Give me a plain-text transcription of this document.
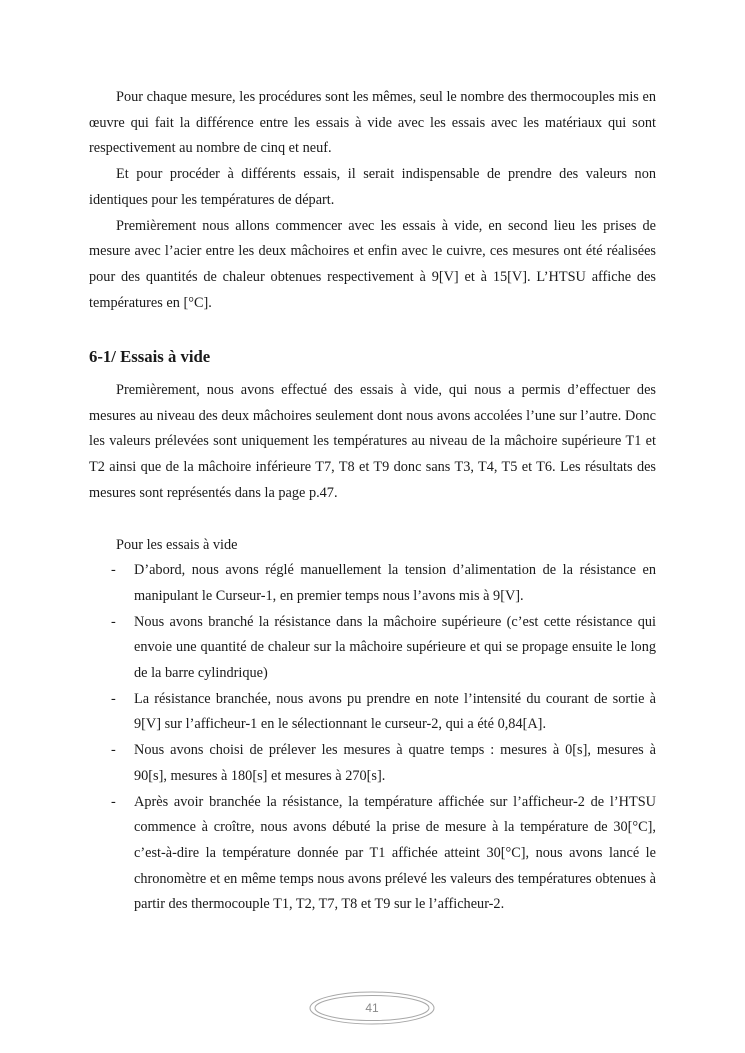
Pour chaque mesure, les procédures sont les mêmes, seul le nombre des thermocouples mis en œuvre qui fait la différence entre les essais à vide avec les essais avec les matériaux qui sont respectivement au nombre de cinq et neuf.

Et pour procéder à différents essais, il serait indispensable de prendre des valeurs non identiques pour les températures de départ.

Premièrement nous allons commencer avec les essais à vide, en second lieu les prises de mesure avec l’acier entre les deux mâchoires et enfin avec le cuivre, ces mesures ont été réalisées pour des quantités de chaleur obtenues respectivement à 9[V] et à 15[V]. L’HTSU affiche des températures en [°C].

6-1/ Essais à vide

Premièrement, nous avons effectué des essais à vide, qui nous a permis d’effectuer des mesures au niveau des deux mâchoires seulement dont nous avons accolées l’une sur l’autre. Donc les valeurs prélevées sont uniquement les températures au niveau de la mâchoire supérieure T1 et T2 ainsi que de la mâchoire inférieure T7, T8 et T9 donc sans T3, T4, T5 et T6. Les résultats des mesures sont représentés dans la page p.47.

Pour les essais à vide

- D’abord, nous avons réglé manuellement la tension d’alimentation de la résistance en manipulant le Curseur-1, en premier temps nous l’avons mis à 9[V].
- Nous avons branché la résistance dans la mâchoire supérieure (c’est cette résistance qui envoie une quantité de chaleur sur la mâchoire supérieure et qui se propage ensuite le long de la barre cylindrique)
- La résistance branchée, nous avons pu prendre en note l’intensité du courant de sortie à 9[V] sur l’afficheur-1 en le sélectionnant le curseur-2, qui a été 0,84[A].
- Nous avons choisi de prélever les mesures à quatre temps : mesures à 0[s], mesures à 90[s], mesures à 180[s] et mesures à 270[s].
- Après avoir branchée la résistance, la température affichée sur l’afficheur-2 de l’HTSU commence à croître, nous avons débuté la prise de mesure à la température de 30[°C], c’est-à-dire la température donnée par T1 affichée atteint 30[°C], nous avons lancé le chronomètre et en même temps nous avons prélevé les valeurs des températures obtenues à partir des thermocouple T1, T2, T7, T8 et T9 sur le l’afficheur-2.
41
